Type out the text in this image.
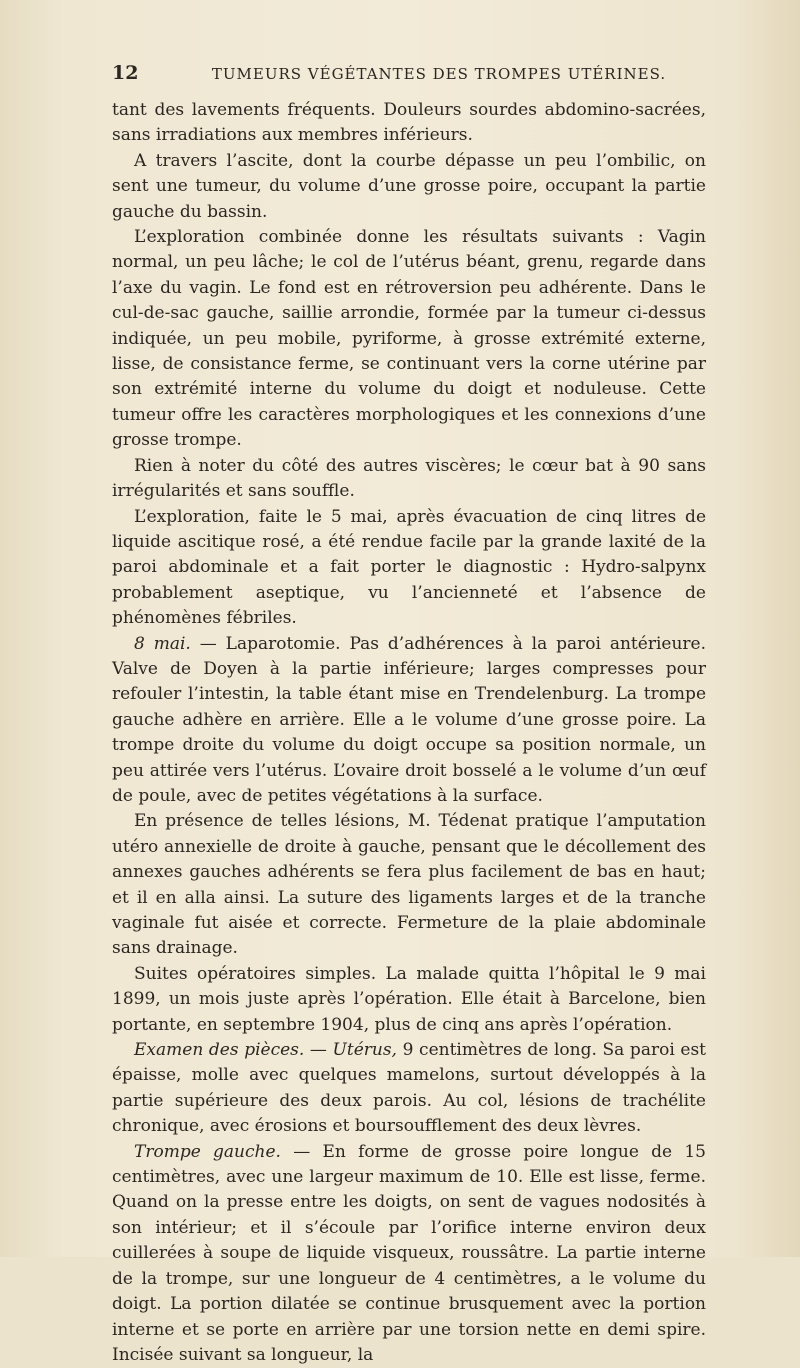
12	TUMEURS VÉGÉTANTES DES TROMPES UTÉRINES.

tant des lavements fréquents. Douleurs sourdes abdomino-sacrées, sans irradiations aux membres inférieurs.

A travers l’ascite, dont la courbe dépasse un peu l’ombilic, on sent une tumeur, du volume d’une grosse poire, occupant la partie gauche du bassin.

L’exploration combinée donne les résultats suivants : Vagin normal, un peu lâche; le col de l’utérus béant, grenu, regarde dans l’axe du vagin. Le fond est en rétroversion peu adhérente. Dans le cul-de-sac gauche, saillie arrondie, formée par la tumeur ci-dessus indiquée, un peu mobile, pyriforme, à grosse extrémité externe, lisse, de consistance ferme, se continuant vers la corne utérine par son extrémité interne du volume du doigt et noduleuse. Cette tumeur offre les caractères morphologiques et les connexions d’une grosse trompe.

Rien à noter du côté des autres viscères; le cœur bat à 90 sans irrégularités et sans souffle.

L’exploration, faite le 5 mai, après évacuation de cinq litres de liquide ascitique rosé, a été rendue facile par la grande laxité de la paroi abdominale et a fait porter le diagnostic : Hydro-salpynx probablement aseptique, vu l’ancienneté et l’absence de phénomènes fébriles.

8 mai. — Laparotomie. Pas d’adhérences à la paroi antérieure. Valve de Doyen à la partie inférieure; larges compresses pour refouler l’intestin, la table étant mise en Trendelenburg. La trompe gauche adhère en arrière. Elle a le volume d’une grosse poire. La trompe droite du volume du doigt occupe sa position normale, un peu attirée vers l’utérus. L’ovaire droit bosselé a le volume d’un œuf de poule, avec de petites végétations à la surface.

En présence de telles lésions, M. Tédenat pratique l’amputation utéro annexielle de droite à gauche, pensant que le décollement des annexes gauches adhérents se fera plus facilement de bas en haut; et il en alla ainsi. La suture des ligaments larges et de la tranche vaginale fut aisée et correcte. Fermeture de la plaie abdominale sans drainage.

Suites opératoires simples. La malade quitta l’hôpital le 9 mai 1899, un mois juste après l’opération. Elle était à Barcelone, bien portante, en septembre 1904, plus de cinq ans après l’opération.

Examen des pièces. — Utérus, 9 centimètres de long. Sa paroi est épaisse, molle avec quelques mamelons, surtout développés à la partie supérieure des deux parois. Au col, lésions de trachélite chronique, avec érosions et boursoufflement des deux lèvres.

Trompe gauche. — En forme de grosse poire longue de 15 centimètres, avec une largeur maximum de 10. Elle est lisse, ferme. Quand on la presse entre les doigts, on sent de vagues nodosités à son intérieur; et il s’écoule par l’orifice interne environ deux cuillerées à soupe de liquide visqueux, roussâtre. La partie interne de la trompe, sur une longueur de 4 centimètres, a le volume du doigt. La portion dilatée se continue brusquement avec la portion interne et se porte en arrière par une torsion nette en demi spire. Incisée suivant sa longueur, la
